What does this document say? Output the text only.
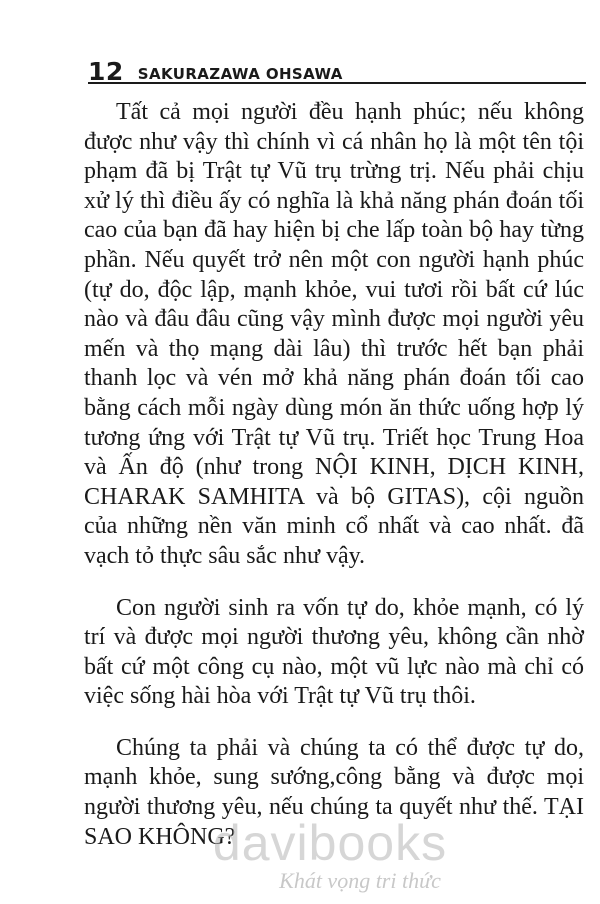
12 SAKURAZAWA OHSAWA

Tất cả mọi người đều hạnh phúc; nếu không được như vậy thì chính vì cá nhân họ là một tên tội phạm đã bị Trật tự Vũ trụ trừng trị. Nếu phải chịu xử lý thì điều ấy có nghĩa là khả năng phán đoán tối cao của bạn đã hay hiện bị che lấp toàn bộ hay từng phần. Nếu quyết trở nên một con người hạnh phúc (tự do, độc lập, mạnh khỏe, vui tươi rồi bất cứ lúc nào và đâu đâu cũng vậy mình được mọi người yêu mến và thọ mạng dài lâu) thì trước hết bạn phải thanh lọc và vén mở khả năng phán đoán tối cao bằng cách mỗi ngày dùng món ăn thức uống hợp lý tương ứng với Trật tự Vũ trụ. Triết học Trung Hoa và Ấn độ (như trong NỘI KINH, DỊCH KINH, CHARAK SAMHITA và bộ GITAS), cội nguồn của những nền văn minh cổ nhất và cao nhất. đã vạch tỏ thực sâu sắc như vậy.

Con người sinh ra vốn tự do, khỏe mạnh, có lý trí và được mọi người thương yêu, không cần nhờ bất cứ một công cụ nào, một vũ lực nào mà chỉ có việc sống hài hòa với Trật tự Vũ trụ thôi.

Chúng ta phải và chúng ta có thể được tự do, mạnh khỏe, sung sướng,công bằng và được mọi người thương yêu, nếu chúng ta quyết như thế. TẠI SAO KHÔNG?

davibooks
Khát vọng tri thức
